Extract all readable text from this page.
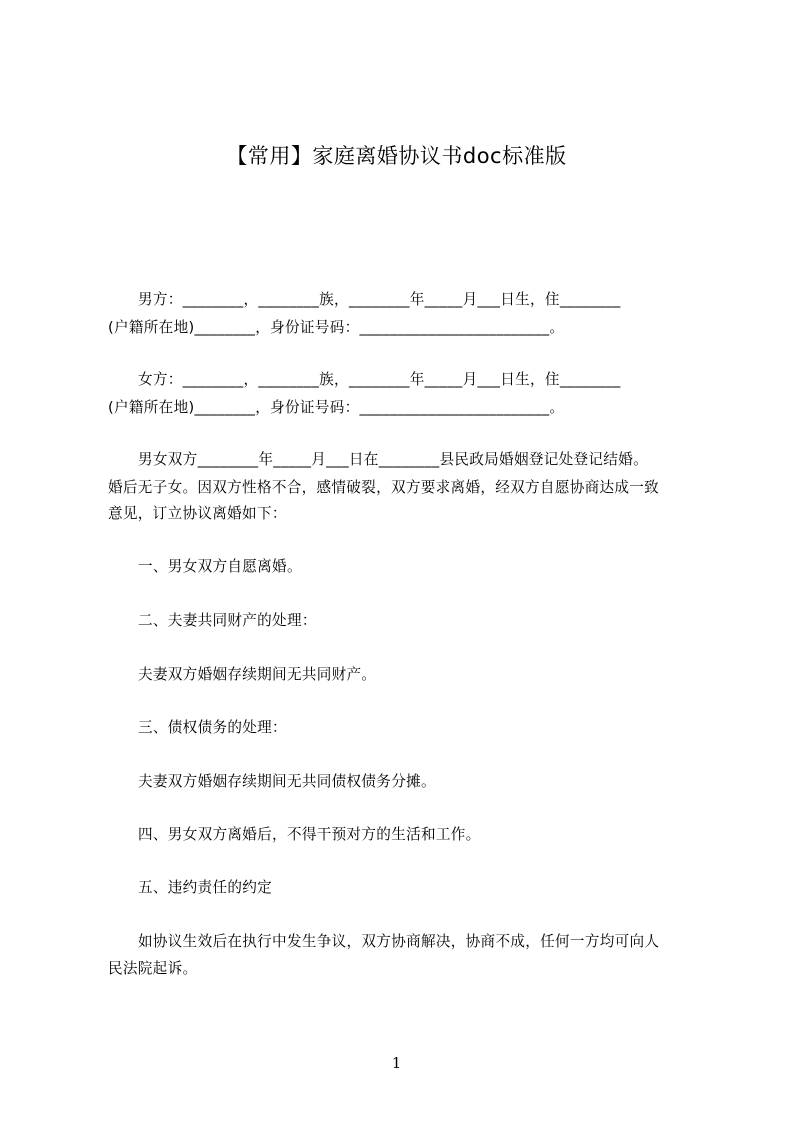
【常用】家庭离婚协议书doc标准版
男方：________，________族，________年_____月___日生，住________
(户籍所在地)________，身份证号码：_________________________。
女方：________，________族，________年_____月___日生，住________
(户籍所在地)________，身份证号码：_________________________。
男女双方________年_____月___日在________县民政局婚姻登记处登记结婚。
婚后无子女。因双方性格不合，感情破裂，双方要求离婚，经双方自愿协商达成一致
意见，订立协议离婚如下：
一、男女双方自愿离婚。
二、夫妻共同财产的处理：
夫妻双方婚姻存续期间无共同财产。
三、债权债务的处理：
夫妻双方婚姻存续期间无共同债权债务分摊。
四、男女双方离婚后，不得干预对方的生活和工作。
五、违约责任的约定
如协议生效后在执行中发生争议，双方协商解决，协商不成，任何一方均可向人
民法院起诉。
1
